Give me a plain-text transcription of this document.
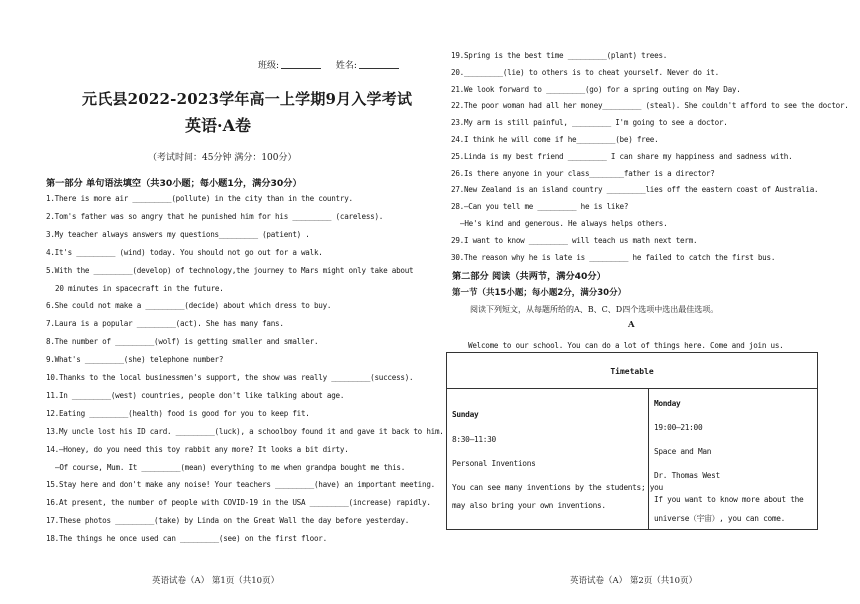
班级:	姓名:
元氏县2022-2023学年高一上学期9月入学考试
英语·A卷
（考试时间：45分钟 满分：100分）
第一部分 单句语法填空（共30小题；每小题1分，满分30分）
1.There is more air _________(pollute) in the city than in the country.
2.Tom's father was so angry that he punished him for his _________ (careless).
3.My teacher always answers my questions_________ (patient) .
4.It's _________ (wind) today. You should not go out for a walk.
5.With the _________(develop) of technology,the journey to Mars might only take about
20 minutes in spacecraft in the future.
6.She could not make a _________(decide) about which dress to buy.
7.Laura is a popular _________(act). She has many fans.
8.The number of _________(wolf) is getting smaller and smaller.
9.What's _________(she) telephone number?
10.Thanks to the local businessmen's support, the show was really _________(success).
11.In _________(west) countries, people don't like talking about age.
12.Eating _________(health) food is good for you to keep fit.
13.My uncle lost his ID card. _________(luck), a schoolboy found it and gave it back to him.
14.—Honey, do you need this toy rabbit any more? It looks a bit dirty.
—Of course, Mum. It _________(mean) everything to me when grandpa bought me this.
15.Stay here and don't make any noise! Your teachers _________(have) an important meeting.
16.At present, the number of people with COVID-19 in the USA _________(increase) rapidly.
17.These photos _________(take) by Linda on the Great Wall the day before yesterday.
18.The things he once used can _________(see) on the first floor.
英语试卷（A） 第1页（共10页）
19.Spring is the best time _________(plant) trees.
20._________(lie) to others is to cheat yourself. Never do it.
21.We look forward to _________(go) for a spring outing on May Day.
22.The poor woman had all her money_________ (steal). She couldn't afford to see the doctor.
23.My arm is still painful, _________ I'm going to see a doctor.
24.I think he will come if he_________(be) free.
25.Linda is my best friend _________ I can share my happiness and sadness with.
26.Is there anyone in your class________father is a director?
27.New Zealand is an island country _________lies off the eastern coast of Australia.
28.—Can you tell me _________ he is like?
—He's kind and generous. He always helps others.
29.I want to know _________ will teach us math next term.
30.The reason why he is late is _________ he failed to catch the first bus.
第二部分 阅读（共两节，满分40分）
第一节（共15小题；每小题2分，满分30分）
阅读下列短文，从每题所给的A、B、C、D四个选项中选出最佳选项。
英语试卷（A） 第2页（共10页）
A
Welcome to our school. You can do a lot of things here. Come and join us.
Timetable
Sunday
8:30—11:30
Personal Inventions
You can see many inventions by the students; you
may also bring your own inventions.
Monday
19:00—21:00
Space and Man
Dr. Thomas West
If you want to know more about the
universe（宇宙）, you can come.
